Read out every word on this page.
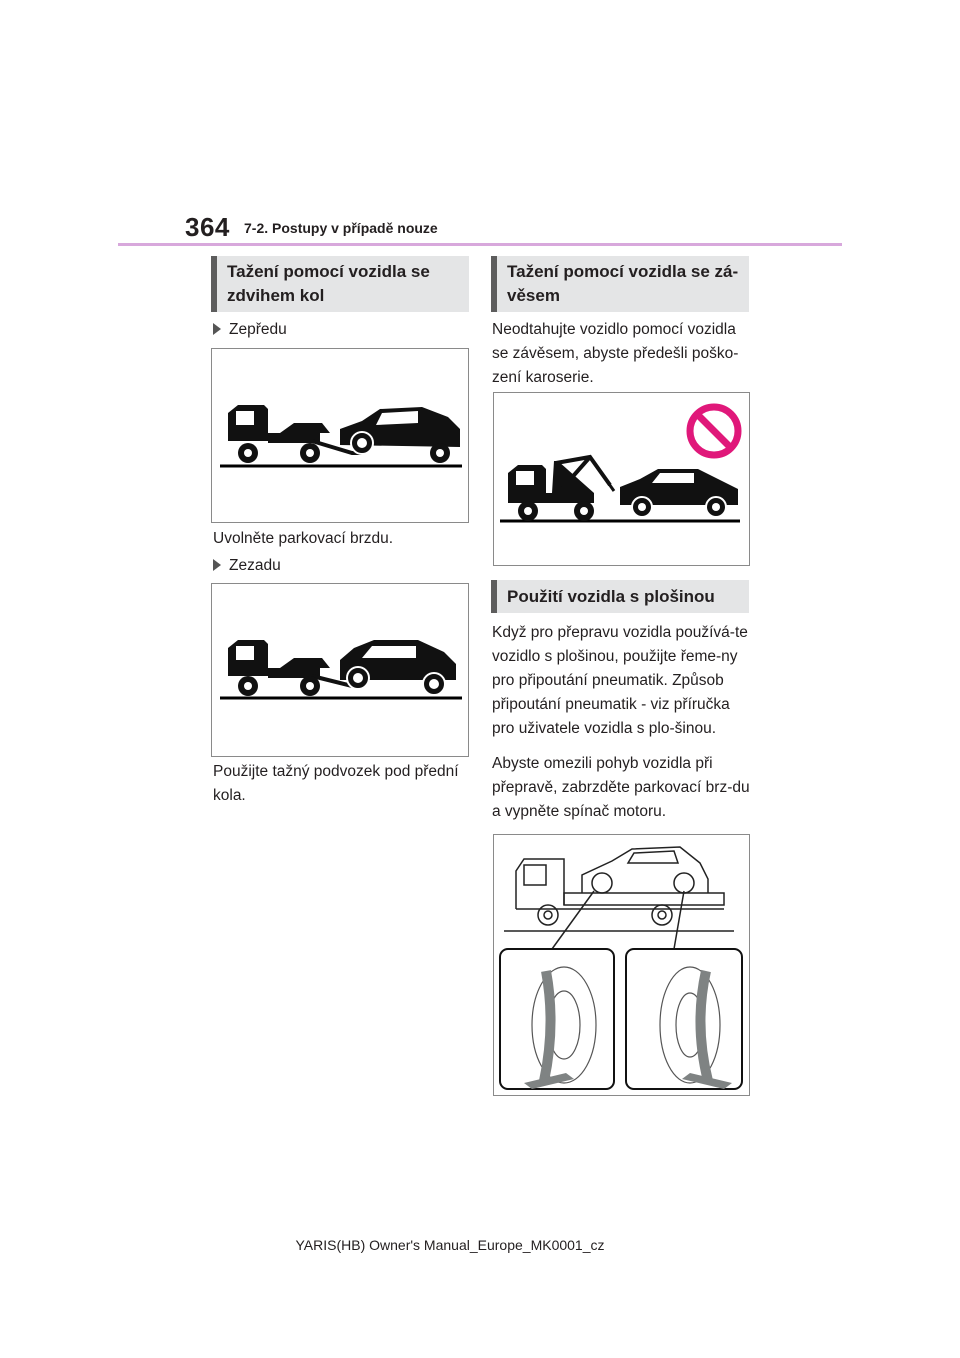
364 7-2. Postupy v případě nouze
Tažení pomocí vozidla se zdvihem kol
Zepředu
Uvolněte parkovací brzdu.
Zezadu
Použijte tažný podvozek pod přední kola.
Tažení pomocí vozidla se zá-věsem
Neodtahujte vozidlo pomocí vozidla se závěsem, abyste předešli poško-zení karoserie.
Použití vozidla s plošinou
Když pro přepravu vozidla používá-te vozidlo s plošinou, použijte řeme-ny pro připoutání pneumatik. Způsob připoutání pneumatik - viz příručka pro uživatele vozidla s plo-šinou.
Abyste omezili pohyb vozidla při přepravě, zabrzděte parkovací brz-du a vypněte spínač motoru.
YARIS(HB) Owner's Manual_Europe_MK0001_cz
